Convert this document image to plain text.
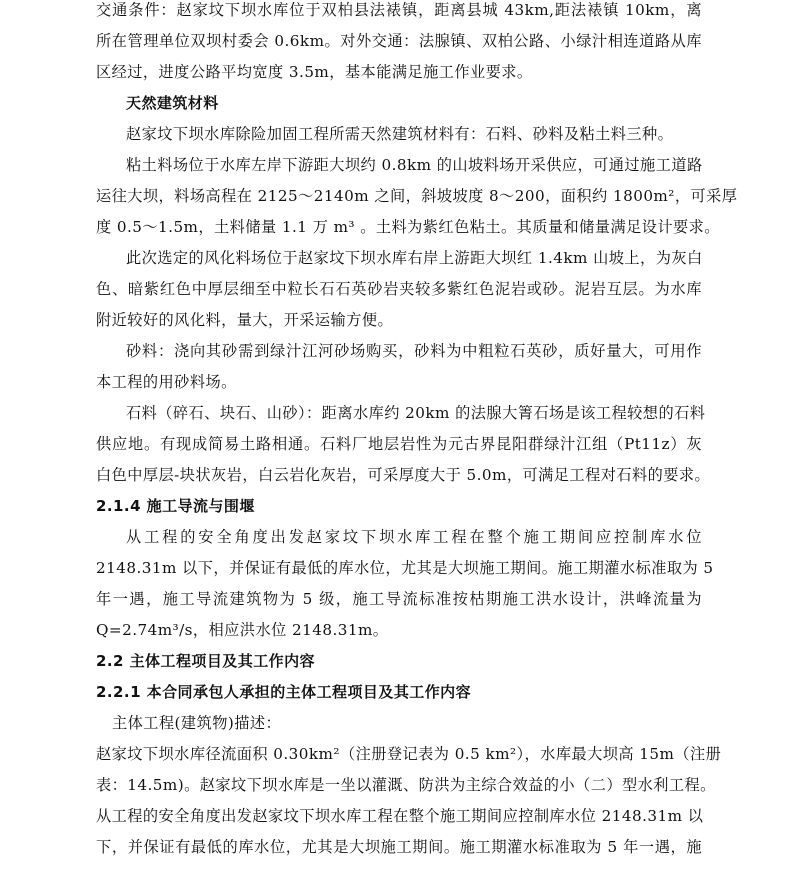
交通条件：赵家坟下坝水库位于双柏县法裱镇，距离县城 43km,距法裱镇 10km，离
所在管理单位双坝村委会 0.6km。对外交通：法腺镇、双柏公路、小绿汁相连道路从库
区经过，进度公路平均宽度 3.5m，基本能满足施工作业要求。
天然建筑材料
赵家坟下坝水库除险加固工程所需天然建筑材料有：石料、砂料及粘土料三种。
粘土料场位于水库左岸下游距大坝约 0.8km 的山坡料场开采供应，可通过施工道路
运往大坝，料场高程在 2125～2140m 之间，斜坡坡度 8～200，面积约 1800m²，可采厚
度 0.5～1.5m，土料储量 1.1 万 m³ 。土料为紫红色粘土。其质量和储量满足设计要求。
此次选定的风化料场位于赵家坟下坝水库右岸上游距大坝红 1.4km 山坡上，为灰白
色、暗紫红色中厚层细至中粒长石石英砂岩夹较多紫红色泥岩或砂。泥岩互层。为水库
附近较好的风化料，量大，开采运输方便。
砂料：浇向其砂需到绿汁江河砂场购买，砂料为中粗粒石英砂，质好量大，可用作
本工程的用砂料场。
石料（碎石、块石、山砂）：距离水库约 20km 的法腺大箐石场是该工程较想的石料
供应地。有现成简易土路相通。石料厂地层岩性为元古界昆阳群绿汁江组（Pt11z）灰
白色中厚层-块状灰岩，白云岩化灰岩，可采厚度大于 5.0m，可满足工程对石料的要求。
2.1.4 施工导流与围堰
从工程的安全角度出发赵家坟下坝水库工程在整个施工期间应控制库水位
2148.31m 以下，并保证有最低的库水位，尤其是大坝施工期间。施工期灌水标准取为 5
年一遇，施工导流建筑物为 5 级，施工导流标准按枯期施工洪水设计，洪峰流量为
Q=2.74m³/s，相应洪水位 2148.31m。
2.2 主体工程项目及其工作内容
2.2.1 本合同承包人承担的主体工程项目及其工作内容
主体工程(建筑物)描述：
赵家坟下坝水库径流面积 0.30km²（注册登记表为 0.5 km²），水库最大坝高 15m（注册
表：14.5m)。赵家坟下坝水库是一坐以灌溉、防洪为主综合效益的小（二）型水利工程。
从工程的安全角度出发赵家坟下坝水库工程在整个施工期间应控制库水位 2148.31m 以
下，并保证有最低的库水位，尤其是大坝施工期间。施工期灌水标准取为 5 年一遇，施
